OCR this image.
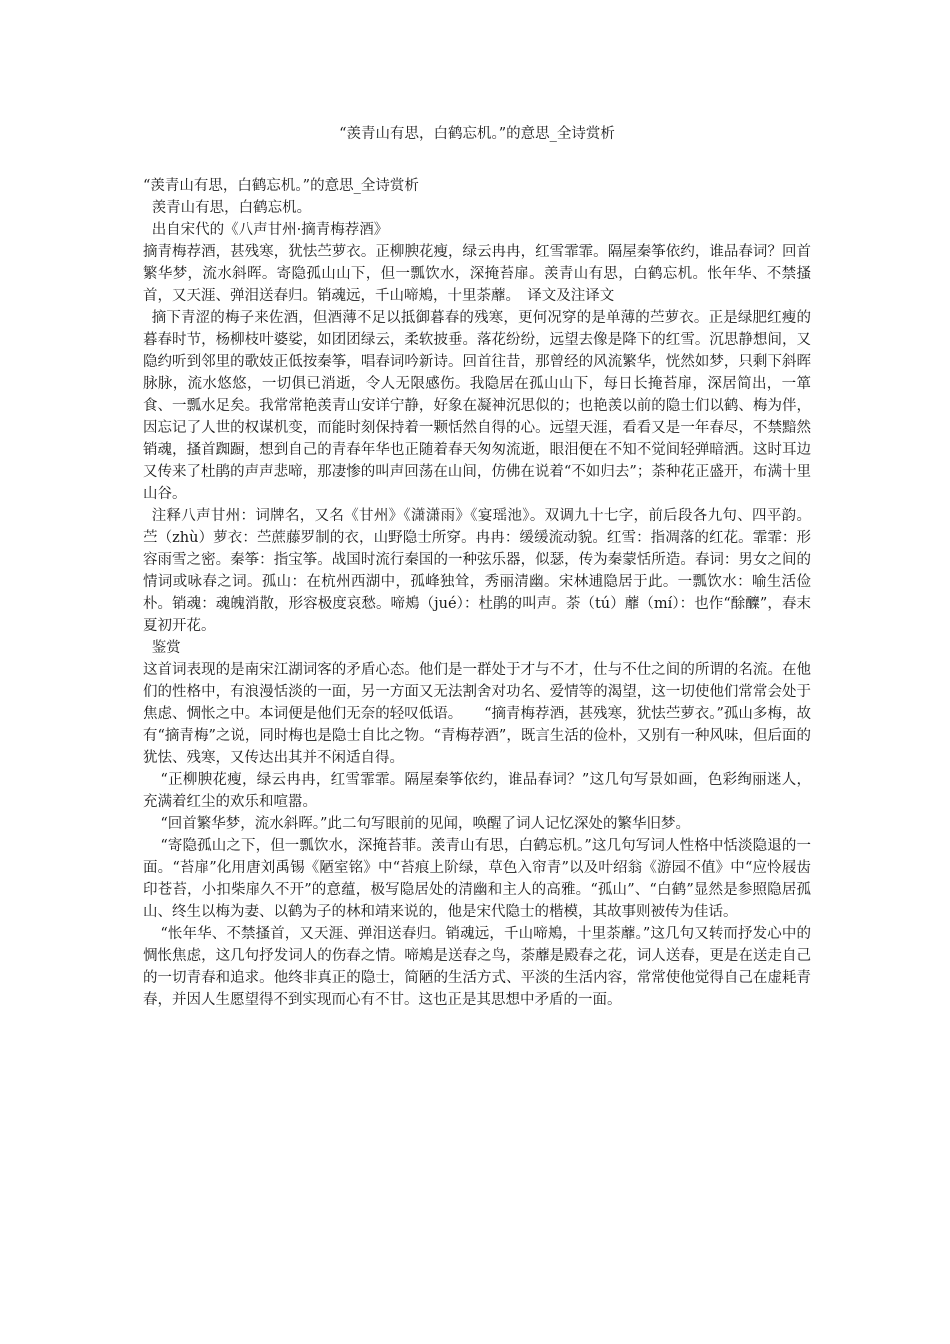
“羡青山有思，白鹤忘机。”的意思_全诗赏析

“羡青山有思，白鹤忘机。”的意思_全诗赏析

羡青山有思，白鹤忘机。

出自宋代的《八声甘州·摘青梅荐酒》

摘青梅荐酒，甚残寒，犹怯苎萝衣。正柳腴花瘦，绿云冉冉，红雪霏霏。隔屋秦筝依约，谁品春词？回首繁华梦，流水斜晖。寄隐孤山山下，但一瓢饮水，深掩苔扉。羡青山有思，白鹤忘机。怅年华、不禁搔首，又天涯、弹泪送春归。销魂远，千山啼鴂，十里荼蘼。　译文及注译文

摘下青涩的梅子来佐酒，但酒薄不足以抵御暮春的残寒，更何况穿的是单薄的苎萝衣。正是绿肥红瘦的暮春时节，杨柳枝叶婆娑，如团团绿云，柔软披垂。落花纷纷，远望去像是降下的红雪。沉思静想间，又隐约听到邻里的歌妓正低按秦筝，唱春词吟新诗。回首往昔，那曾经的风流繁华，恍然如梦，只剩下斜晖脉脉，流水悠悠，一切俱已消逝，令人无限感伤。我隐居在孤山山下，每日长掩苔扉，深居简出，一箪食、一瓢水足矣。我常常艳羡青山安详宁静，好象在凝神沉思似的；也艳羡以前的隐士们以鹤、梅为伴，因忘记了人世的权谋机变，而能时刻保持着一颗恬然自得的心。远望天涯，看看又是一年春尽，不禁黯然销魂，搔首踟蹰，想到自己的青春年华也正随着春天匆匆流逝，眼泪便在不知不觉间轻弹暗洒。这时耳边又传来了杜鹃的声声悲啼，那凄惨的叫声回荡在山间，仿佛在说着“不如归去”；荼种花正盛开，布满十里山谷。

注释八声甘州：词牌名，又名《甘州》《潇潇雨》《宴瑶池》。双调九十七字，前后段各九句、四平韵。苎（zhù）萝衣：苎蔗藤罗制的衣，山野隐士所穿。冉冉：缓缓流动貌。红雪：指凋落的红花。霏霏：形容雨雪之密。秦筝：指宝筝。战国时流行秦国的一种弦乐器，似瑟，传为秦蒙恬所造。春词：男女之间的情词或咏春之词。孤山：在杭州西湖中，孤峰独耸，秀丽清幽。宋林逋隐居于此。一瓢饮水：喻生活俭朴。销魂：魂魄消散，形容极度哀愁。啼鴂（jué）：杜鹃的叫声。荼（tú）蘼（mí）：也作“酴醾”，春末夏初开花。

鉴赏

这首词表现的是南宋江湖词客的矛盾心态。他们是一群处于才与不才，仕与不仕之间的所谓的名流。在他们的性格中，有浪漫恬淡的一面，另一方面又无法割舍对功名、爱情等的渴望，这一切使他们常常会处于焦虑、惆怅之中。本词便是他们无奈的轻叹低语。　　“摘青梅荐酒，甚残寒，犹怯苎萝衣。”孤山多梅，故有“摘青梅”之说，同时梅也是隐士自比之物。“青梅荐酒”，既言生活的俭朴，又别有一种风味，但后面的犹怯、残寒，又传达出其并不闲适自得。

“正柳腴花瘦，绿云冉冉，红雪霏霏。隔屋秦筝依约，谁品春词？”这几句写景如画，色彩绚丽迷人，充满着红尘的欢乐和喧嚣。

“回首繁华梦，流水斜晖。”此二句写眼前的见闻，唤醒了词人记忆深处的繁华旧梦。

“寄隐孤山之下，但一瓢饮水，深掩苔菲。羡青山有思，白鹤忘机。”这几句写词人性格中恬淡隐退的一面。“苔扉”化用唐刘禹锡《陋室铭》中“苔痕上阶绿，草色入帘青”以及叶绍翁《游园不值》中“应怜屐齿印苍苔，小扣柴扉久不开”的意蕴，极写隐居处的清幽和主人的高雅。“孤山”、“白鹤”显然是参照隐居孤山、终生以梅为妻、以鹤为子的林和靖来说的，他是宋代隐士的楷模，其故事则被传为佳话。

“怅年华、不禁搔首，又天涯、弹泪送春归。销魂远，千山啼鴂，十里荼蘼。”这几句又转而抒发心中的惆怅焦虑，这几句抒发词人的伤春之情。啼鴂是送春之鸟，荼蘼是殿春之花，词人送春，更是在送走自己的一切青春和追求。他终非真正的隐士，简陋的生活方式、平淡的生活内容，常常使他觉得自己在虚耗青春，并因人生愿望得不到实现而心有不甘。这也正是其思想中矛盾的一面。
